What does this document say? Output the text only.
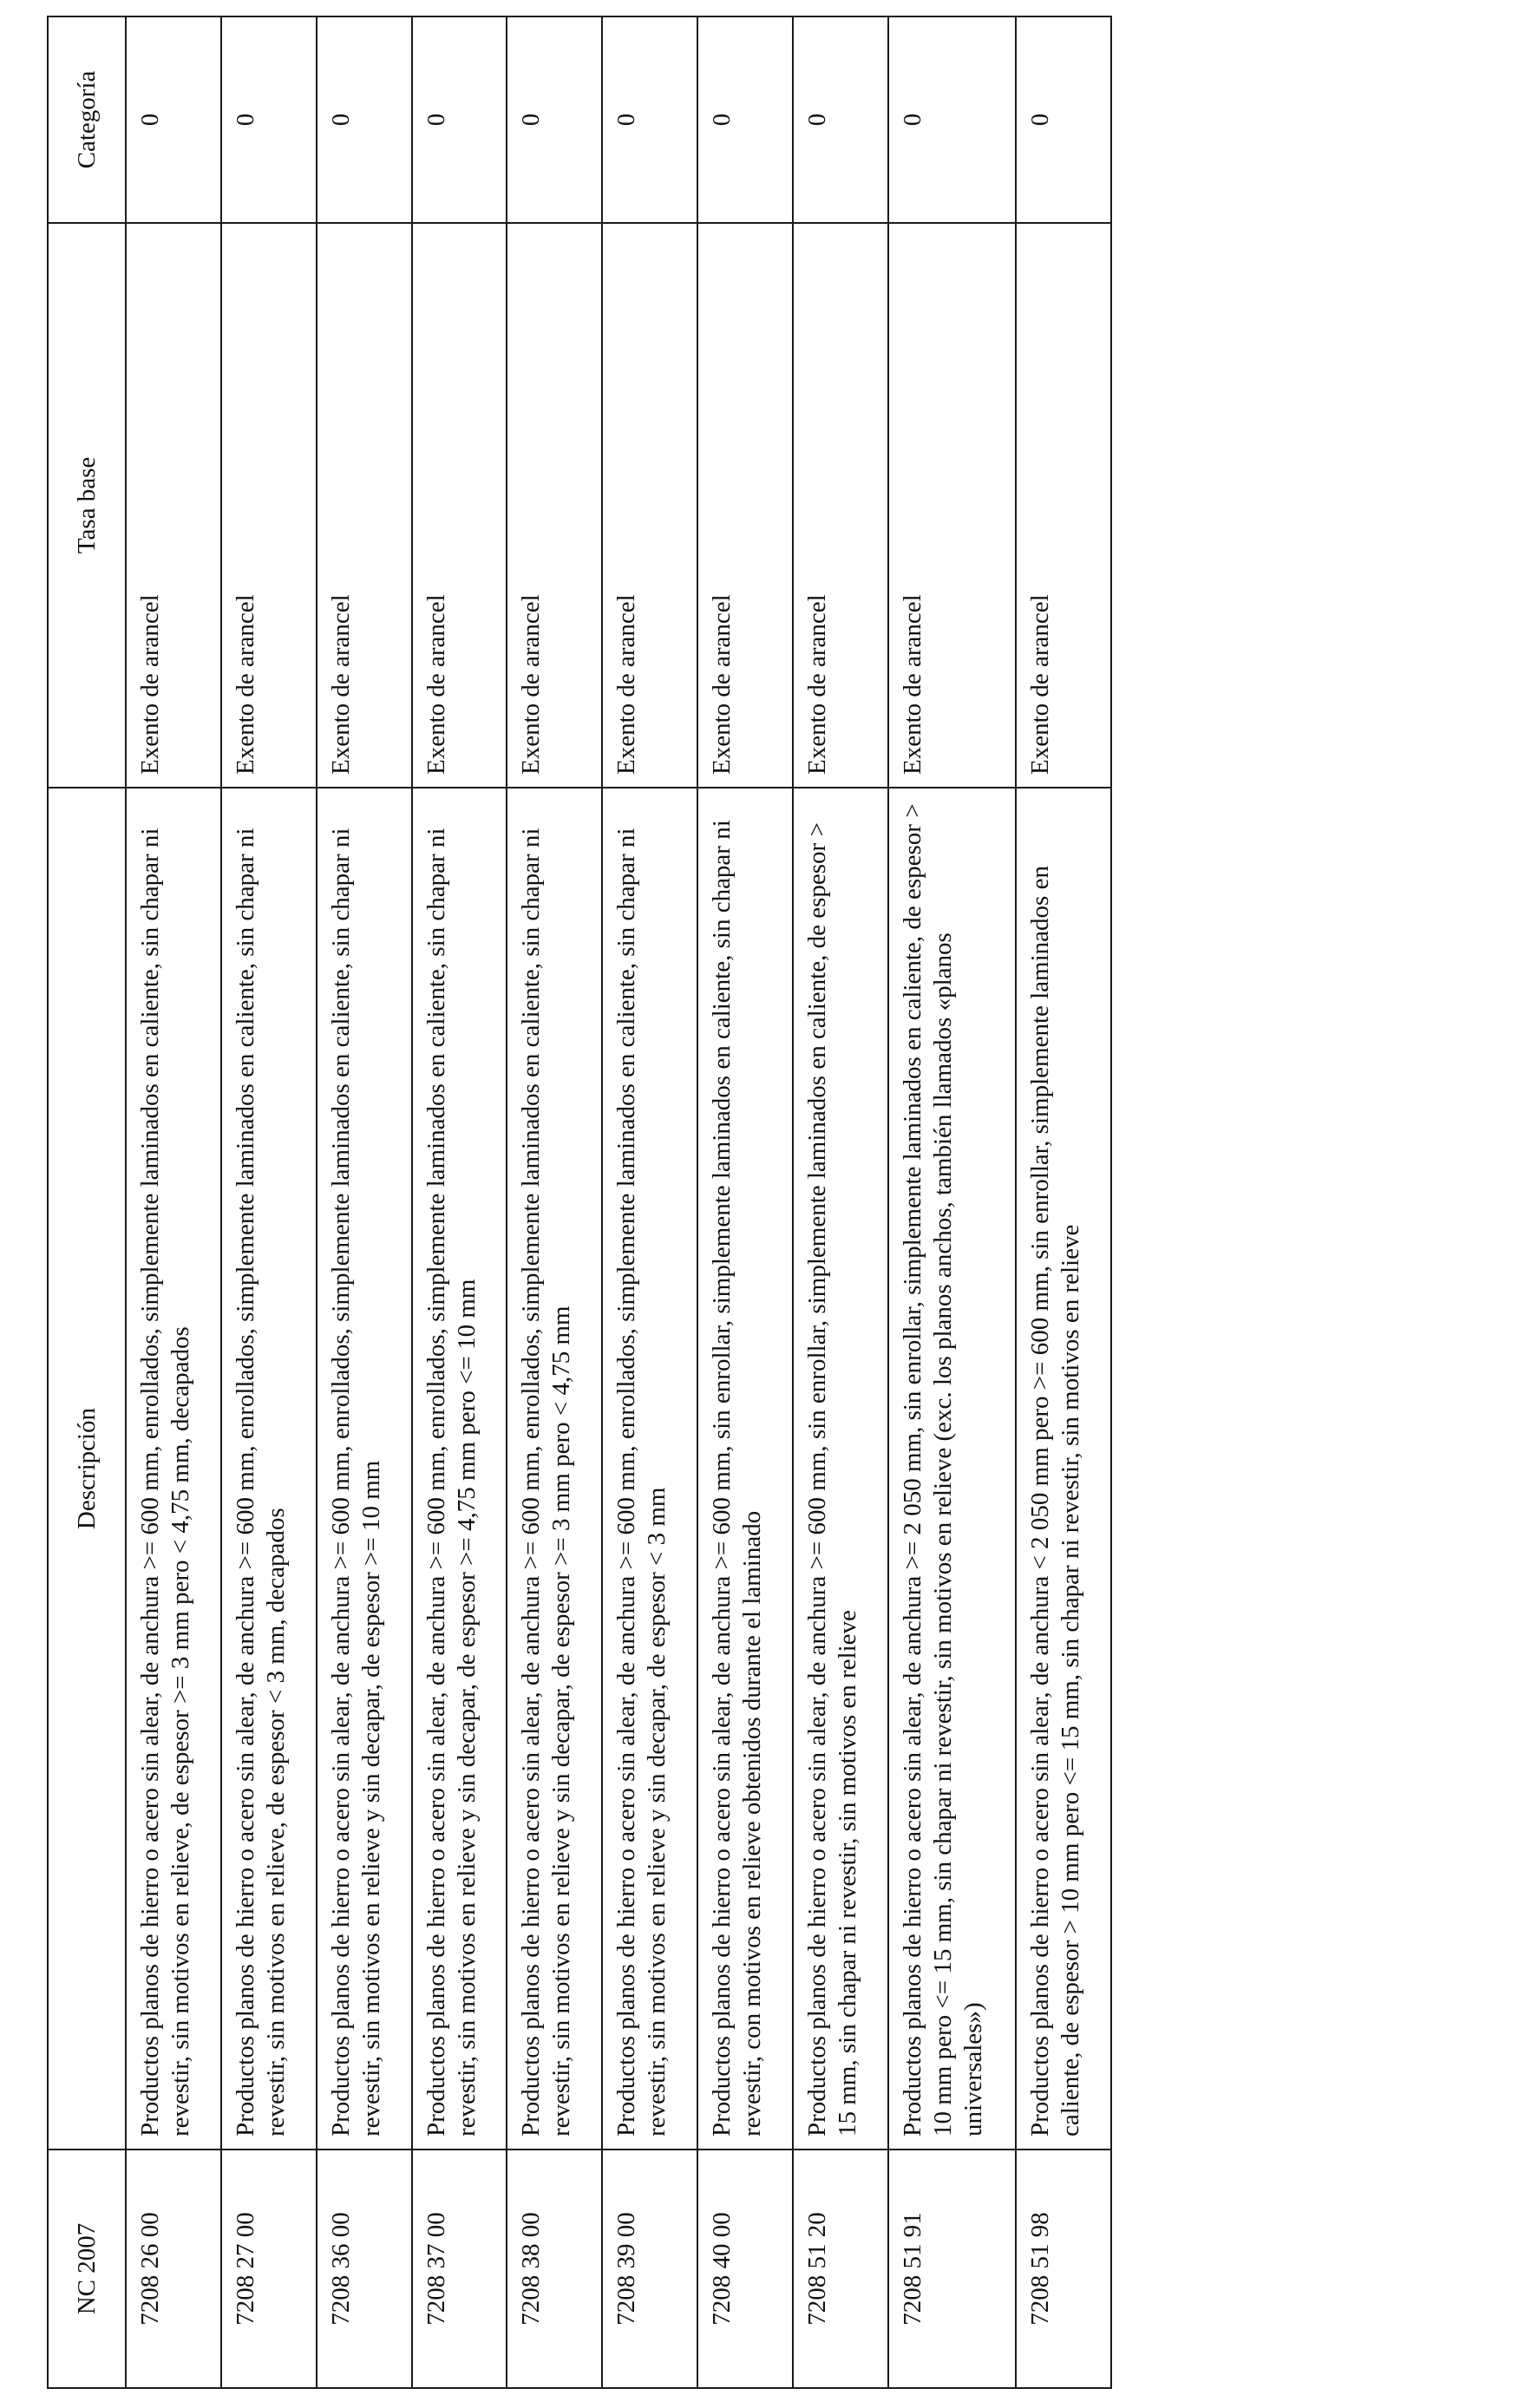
NC 2007	Descripción	Tasa base	Categoría
7208 26 00	Productos planos de hierro o acero sin alear, de anchura >= 600 mm, enrollados, simplemente laminados en caliente, sin chapar ni revestir, sin motivos en relieve, de espesor >= 3 mm pero < 4,75 mm, decapados	Exento de arancel	0
7208 27 00	Productos planos de hierro o acero sin alear, de anchura >= 600 mm, enrollados, simplemente laminados en caliente, sin chapar ni revestir, sin motivos en relieve, de espesor < 3 mm, decapados	Exento de arancel	0
7208 36 00	Productos planos de hierro o acero sin alear, de anchura >= 600 mm, enrollados, simplemente laminados en caliente, sin chapar ni revestir, sin motivos en relieve y sin decapar, de espesor >= 10 mm	Exento de arancel	0
7208 37 00	Productos planos de hierro o acero sin alear, de anchura >= 600 mm, enrollados, simplemente laminados en caliente, sin chapar ni revestir, sin motivos en relieve y sin decapar, de espesor >= 4,75 mm pero <= 10 mm	Exento de arancel	0
7208 38 00	Productos planos de hierro o acero sin alear, de anchura >= 600 mm, enrollados, simplemente laminados en caliente, sin chapar ni revestir, sin motivos en relieve y sin decapar, de espesor >= 3 mm pero < 4,75 mm	Exento de arancel	0
7208 39 00	Productos planos de hierro o acero sin alear, de anchura >= 600 mm, enrollados, simplemente laminados en caliente, sin chapar ni revestir, sin motivos en relieve y sin decapar, de espesor < 3 mm	Exento de arancel	0
7208 40 00	Productos planos de hierro o acero sin alear, de anchura >= 600 mm, sin enrollar, simplemente laminados en caliente, sin chapar ni revestir, con motivos en relieve obtenidos durante el laminado	Exento de arancel	0
7208 51 20	Productos planos de hierro o acero sin alear, de anchura >= 600 mm, sin enrollar, simplemente laminados en caliente, de espesor > 15 mm, sin chapar ni revestir, sin motivos en relieve	Exento de arancel	0
7208 51 91	Productos planos de hierro o acero sin alear, de anchura >= 2 050 mm, sin enrollar, simplemente laminados en caliente, de espesor > 10 mm pero <= 15 mm, sin chapar ni revestir, sin motivos en relieve (exc. los planos anchos, también llamados «planos universales»)	Exento de arancel	0
7208 51 98	Productos planos de hierro o acero sin alear, de anchura < 2 050 mm pero >= 600 mm, sin enrollar, simplemente laminados en caliente, de espesor > 10 mm pero <= 15 mm, sin chapar ni revestir, sin motivos en relieve	Exento de arancel	0
